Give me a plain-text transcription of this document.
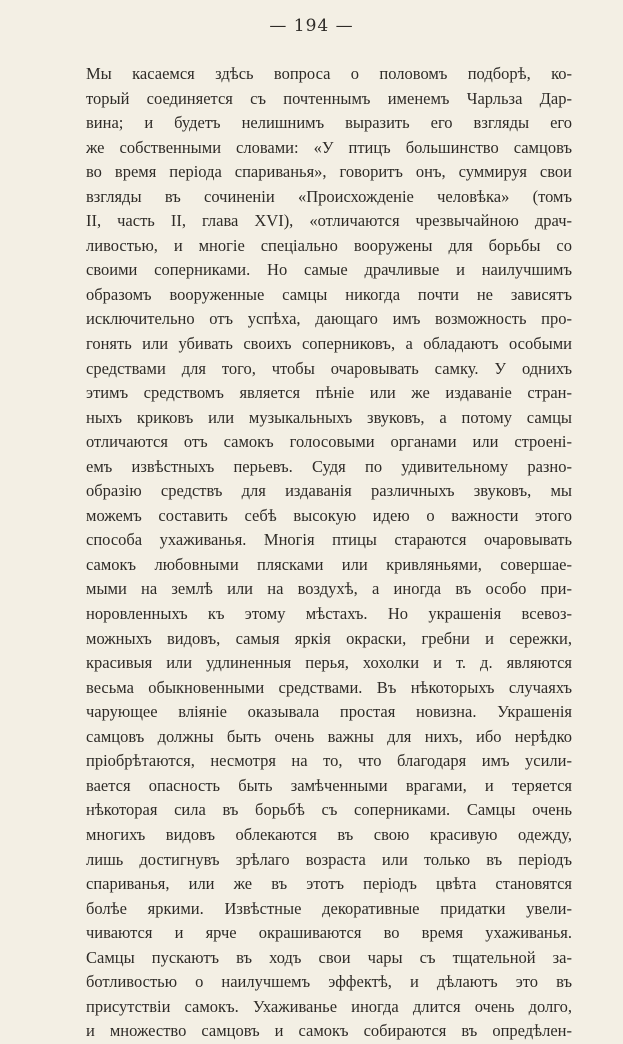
— 194 —
Мы касаемся здѣсь вопроса о половомъ подборѣ, ко-
торый соединяется съ почтеннымъ именемъ Чарльза Дар-
вина; и будетъ нелишнимъ выразить его взгляды его
же собственными словами: «У птицъ большинство самцовъ
во время періода спариванья», говоритъ онъ, суммируя свои
взгляды въ сочиненіи «Происхожденіе человѣка» (томъ
II, часть II, глава XVI), «отличаются чрезвычайною драч-
ливостью, и многіе спеціально вооружены для борьбы со
своими соперниками. Но самые драчливые и наилучшимъ
образомъ вооруженные самцы никогда почти не зависятъ
исключительно отъ успѣха, дающаго имъ возможность про-
гонять или убивать своихъ соперниковъ, а обладаютъ особыми
средствами для того, чтобы очаровывать самку. У однихъ
этимъ средствомъ является пѣніе или же издаваніе стран-
ныхъ криковъ или музыкальныхъ звуковъ, а потому самцы
отличаются отъ самокъ голосовыми органами или строені-
емъ извѣстныхъ перьевъ. Судя по удивительному разно-
образію средствъ для издаванія различныхъ звуковъ, мы
можемъ составить себѣ высокую идею о важности этого
способа ухаживанья. Многія птицы стараются очаровывать
самокъ любовными плясками или кривляньями, совершае-
мыми на землѣ или на воздухѣ, а иногда въ особо при-
норовленныхъ къ этому мѣстахъ. Но украшенія всевоз-
можныхъ видовъ, самыя яркія окраски, гребни и сережки,
красивыя или удлиненныя перья, хохолки и т. д. являются
весьма обыкновенными средствами. Въ нѣкоторыхъ случаяхъ
чарующее вліяніе оказывала простая новизна. Украшенія
самцовъ должны быть очень важны для нихъ, ибо нерѣдко
пріобрѣтаются, несмотря на то, что благодаря имъ усили-
вается опасность быть замѣченными врагами, и теряется
нѣкоторая сила въ борьбѣ съ соперниками. Самцы очень
многихъ видовъ облекаются въ свою красивую одежду,
лишь достигнувъ зрѣлаго возраста или только въ періодъ
спариванья, или же въ этотъ періодъ цвѣта становятся
болѣе яркими. Извѣстные декоративные придатки увели-
чиваются и ярче окрашиваются во время ухаживанья.
Самцы пускаютъ въ ходъ свои чары съ тщательной за-
ботливостью о наилучшемъ эффектѣ, и дѣлаютъ это въ
присутствіи самокъ. Ухаживанье иногда длится очень долго,
и множество самцовъ и самокъ собираются въ опредѣлен-
